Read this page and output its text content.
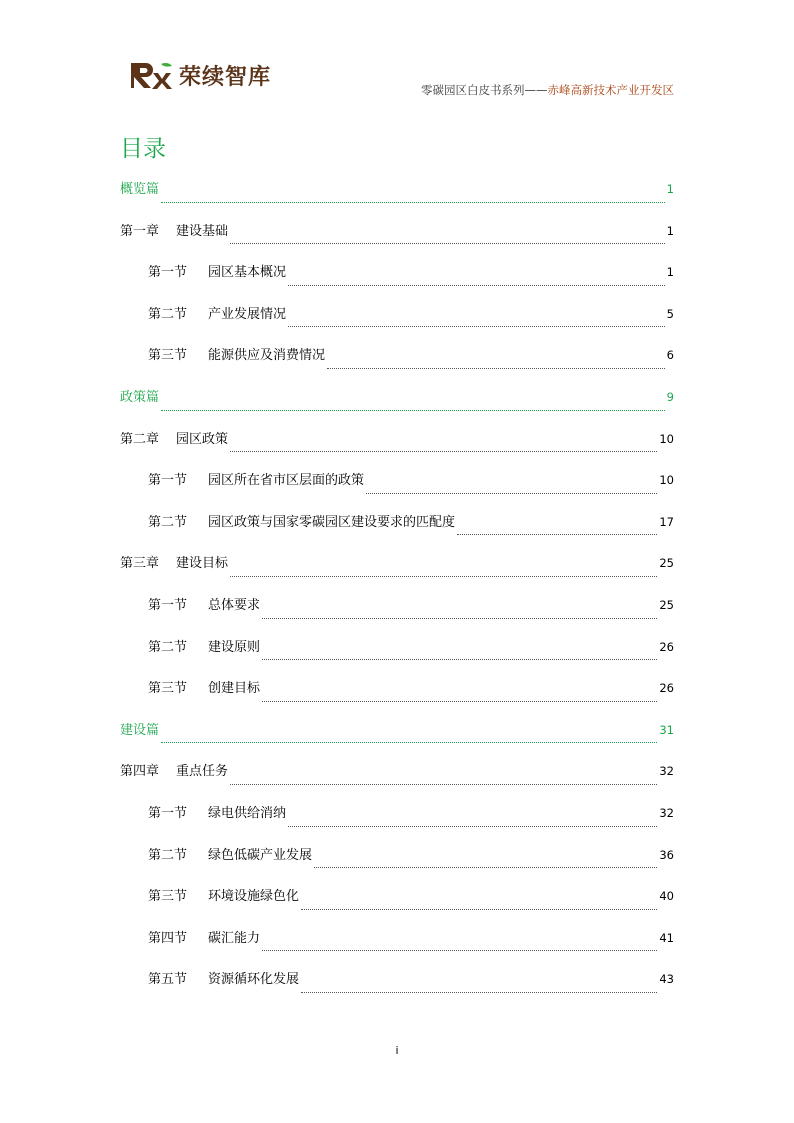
荣续智库
零碳园区白皮书系列——赤峰高新技术产业开发区
目录
概览篇	1
第一章	建设基础	1
第一节	园区基本概况	1
第二节	产业发展情况	5
第三节	能源供应及消费情况	6
政策篇	9
第二章	园区政策	10
第一节	园区所在省市区层面的政策	10
第二节	园区政策与国家零碳园区建设要求的匹配度	17
第三章	建设目标	25
第一节	总体要求	25
第二节	建设原则	26
第三节	创建目标	26
建设篇	31
第四章	重点任务	32
第一节	绿电供给消纳	32
第二节	绿色低碳产业发展	36
第三节	环境设施绿色化	40
第四节	碳汇能力	41
第五节	资源循环化发展	43
i
